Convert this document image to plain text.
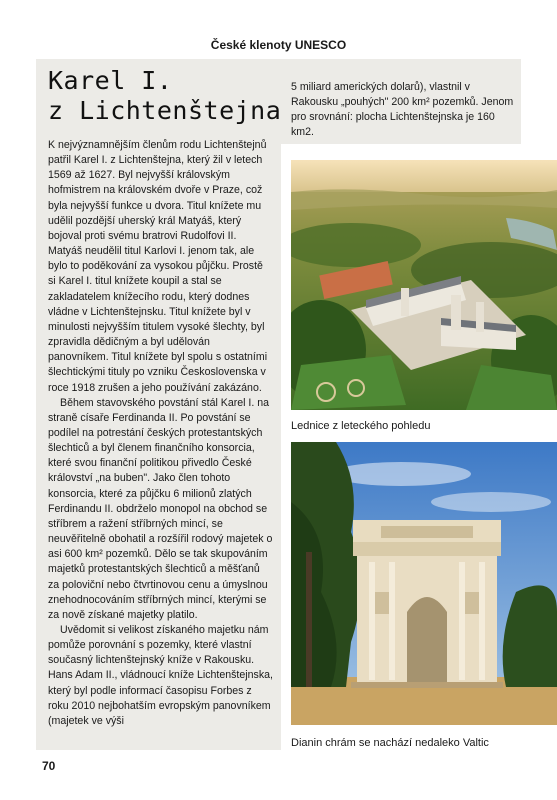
České klenoty UNESCO
Karel I.
z Lichtenštejna

K nejvýznamnějším členům rodu Lichtenštejnů patřil Karel I. z Lichtenštejna, který žil v letech 1569 až 1627. Byl nejvyšší královským hofmistrem na královském dvoře v Praze, což byla nejvyšší funkce u dvora. Titul knížete mu udělil pozdější uherský král Matyáš, který bojoval proti svému bratrovi Rudolfovi II. Matyáš neudělil titul Karlovi I. jenom tak, ale bylo to poděkování za vysokou půjčku. Prostě si Karel I. titul knížete koupil a stal se zakladatelem knížecího rodu, který dodnes vládne v Lichtenštejnsku. Titul knížete byl v minulosti nejvyšším titulem vysoké šlechty, byl zpravidla dědičným a byl udělován panovníkem. Titul knížete byl spolu s ostatními šlechtickými tituly po vzniku Československa v roce 1918 zrušen a jeho používání zakázáno.

Během stavovského povstání stál Karel I. na straně císaře Ferdinanda II. Po povstání se podílel na potrestání českých protestantských šlechticů a byl členem finančního konsorcia, které svou finanční politikou přivedlo České království „na buben". Jako člen tohoto konsorcia, které za půjčku 6 milionů zlatých Ferdinandu II. obdrželo monopol na obchod se stříbrem a ražení stříbrných mincí, se neuvěřitelně obohatil a rozšířil rodový majetek o asi 600 km² pozemků. Dělo se tak skupováním majetků protestantských šlechticů a měšťanů za poloviční nebo čtvrtinovou cenu a úmyslnou znehodnocováním stříbrných mincí, kterými se za nově získané majetky platilo.

Uvědomit si velikost získaného majetku nám pomůže porovnání s pozemky, které vlastní současný lichtenštejnský kníže v Rakousku. Hans Adam II., vládnoucí kníže Lichtenštejnska, který byl podle informací časopisu Forbes z roku 2010 nejbohatším evropským panovníkem (majetek ve výši

5 miliard amerických dolarů), vlastnil v Rakousku „pouhých" 200 km² pozemků. Jenom pro srovnání: plocha Lichtenštejnska je 160 km2.
Lednice z leteckého pohledu
Dianin chrám se nachází nedaleko Valtic
70
